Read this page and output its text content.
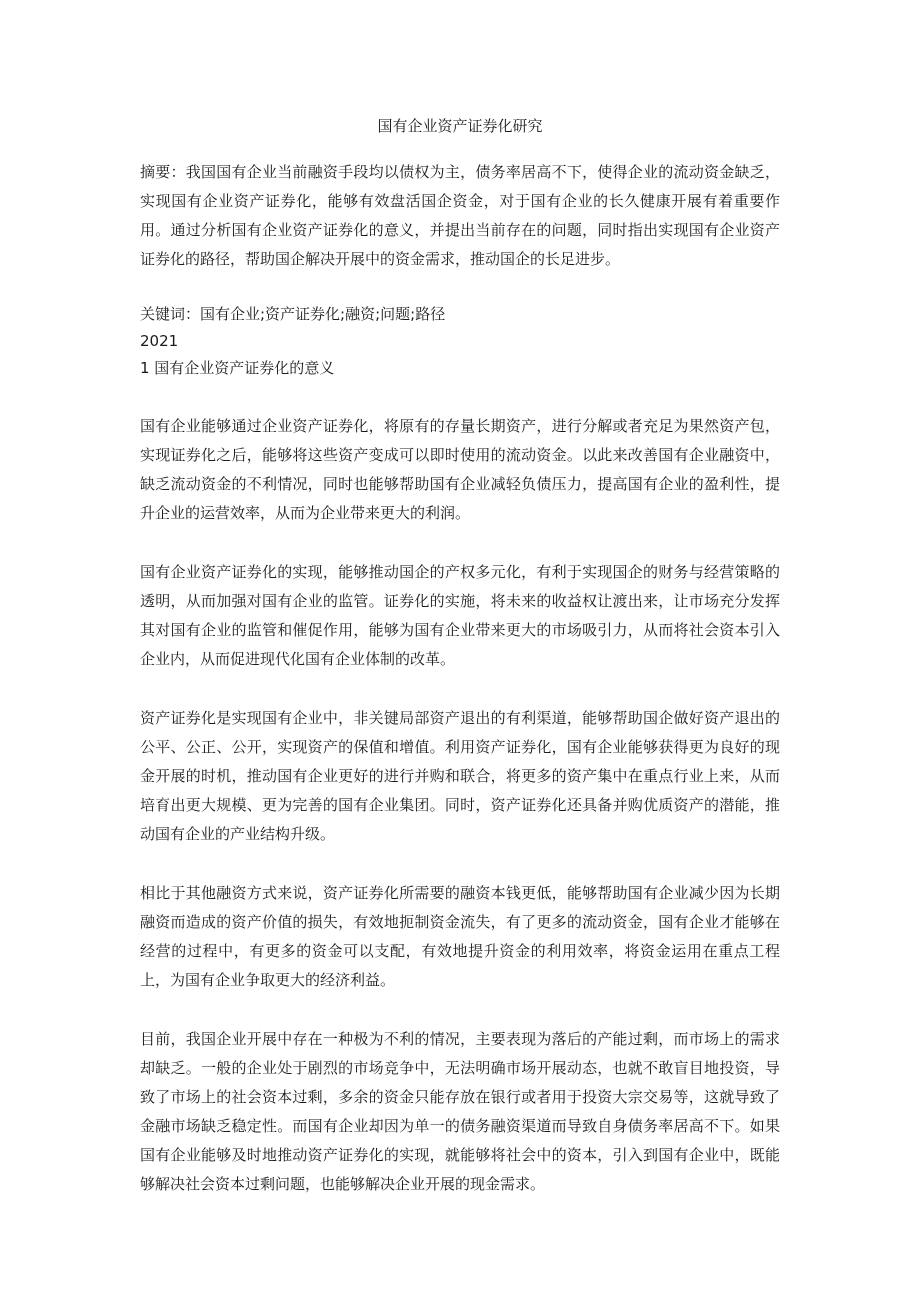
国有企业资产证券化研究

摘要：我国国有企业当前融资手段均以债权为主，债务率居高不下，使得企业的流动资金缺乏，实现国有企业资产证券化，能够有效盘活国企资金，对于国有企业的长久健康开展有着重要作用。通过分析国有企业资产证券化的意义，并提出当前存在的问题，同时指出实现国有企业资产证券化的路径，帮助国企解决开展中的资金需求，推动国企的长足进步。

关键词：国有企业;资产证券化;融资;问题;路径

2021

1 国有企业资产证券化的意义

国有企业能够通过企业资产证券化，将原有的存量长期资产，进行分解或者充足为果然资产包，实现证券化之后，能够将这些资产变成可以即时使用的流动资金。以此来改善国有企业融资中，缺乏流动资金的不利情况，同时也能够帮助国有企业减轻负债压力，提高国有企业的盈利性，提升企业的运营效率，从而为企业带来更大的利润。

国有企业资产证券化的实现，能够推动国企的产权多元化，有利于实现国企的财务与经营策略的透明，从而加强对国有企业的监管。证券化的实施，将未来的收益权让渡出来，让市场充分发挥其对国有企业的监管和催促作用，能够为国有企业带来更大的市场吸引力，从而将社会资本引入企业内，从而促进现代化国有企业体制的改革。

资产证券化是实现国有企业中，非关键局部资产退出的有利渠道，能够帮助国企做好资产退出的公平、公正、公开，实现资产的保值和增值。利用资产证券化，国有企业能够获得更为良好的现金开展的时机，推动国有企业更好的进行并购和联合，将更多的资产集中在重点行业上来，从而培育出更大规模、更为完善的国有企业集团。同时，资产证券化还具备并购优质资产的潜能，推动国有企业的产业结构升级。

相比于其他融资方式来说，资产证券化所需要的融资本钱更低，能够帮助国有企业减少因为长期融资而造成的资产价值的损失，有效地扼制资金流失，有了更多的流动资金，国有企业才能够在经营的过程中，有更多的资金可以支配，有效地提升资金的利用效率，将资金运用在重点工程上，为国有企业争取更大的经济利益。

目前，我国企业开展中存在一种极为不利的情况，主要表现为落后的产能过剩，而市场上的需求却缺乏。一般的企业处于剧烈的市场竞争中，无法明确市场开展动态，也就不敢盲目地投资，导致了市场上的社会资本过剩，多余的资金只能存放在银行或者用于投资大宗交易等，这就导致了金融市场缺乏稳定性。而国有企业却因为单一的债务融资渠道而导致自身债务率居高不下。如果国有企业能够及时地推动资产证券化的实现，就能够将社会中的资本，引入到国有企业中，既能够解决社会资本过剩问题，也能够解决企业开展的现金需求。
